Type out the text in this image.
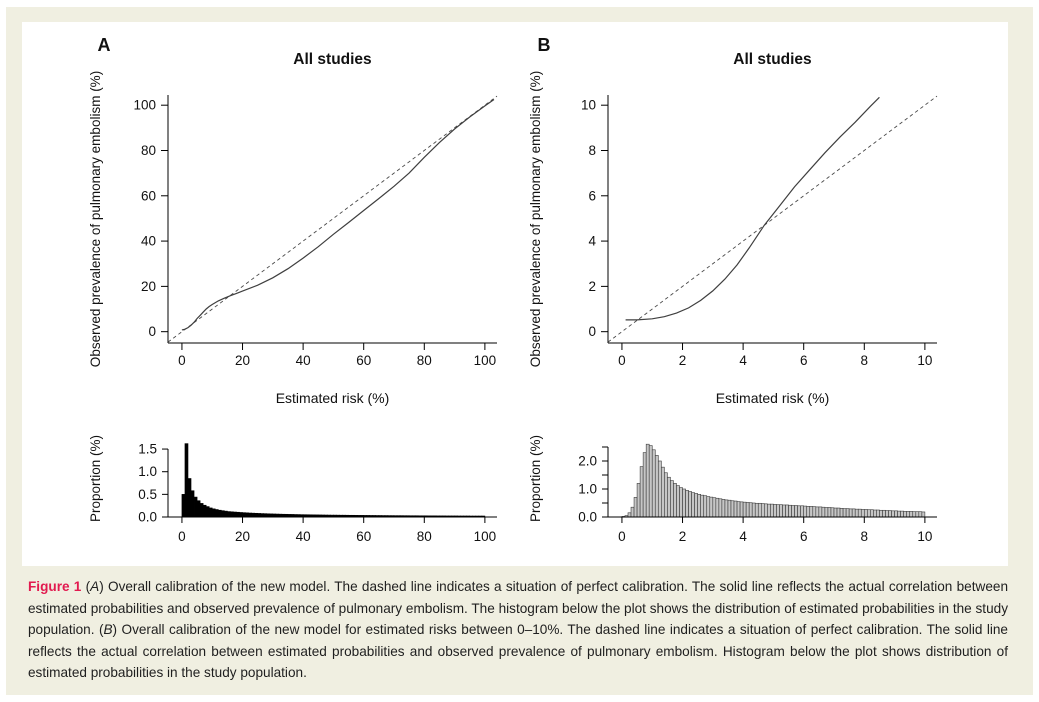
0	20	40	60	80	100
0
20
40
60
80
100
All studies
A
Estimated risk (%)
Observed prevalence of pulmonary embolism (%)
0	20	40	60	80	100
0.0
0.5
1.0
1.5
Proportion (%)
0	2	4	6	8	10
0
2
4
6
8
10
All studies
B
Estimated risk (%)
Observed prevalence of pulmonary embolism (%)
0	2	4	6	8	10
0.0
1.0
2.0
Proportion (%)
Figure 1 (A) Overall calibration of the new model. The dashed line indicates a situation of perfect calibration. The solid line reflects the actual correlation between estimated probabilities and observed prevalence of pulmonary embolism. The histogram below the plot shows the distribution of estimated probabilities in the study population. (B) Overall calibration of the new model for estimated risks between 0–10%. The dashed line indicates a situation of perfect calibration. The solid line reflects the actual correlation between estimated probabilities and observed prevalence of pulmonary embolism. Histogram below the plot shows distribution of estimated probabilities in the study population.
